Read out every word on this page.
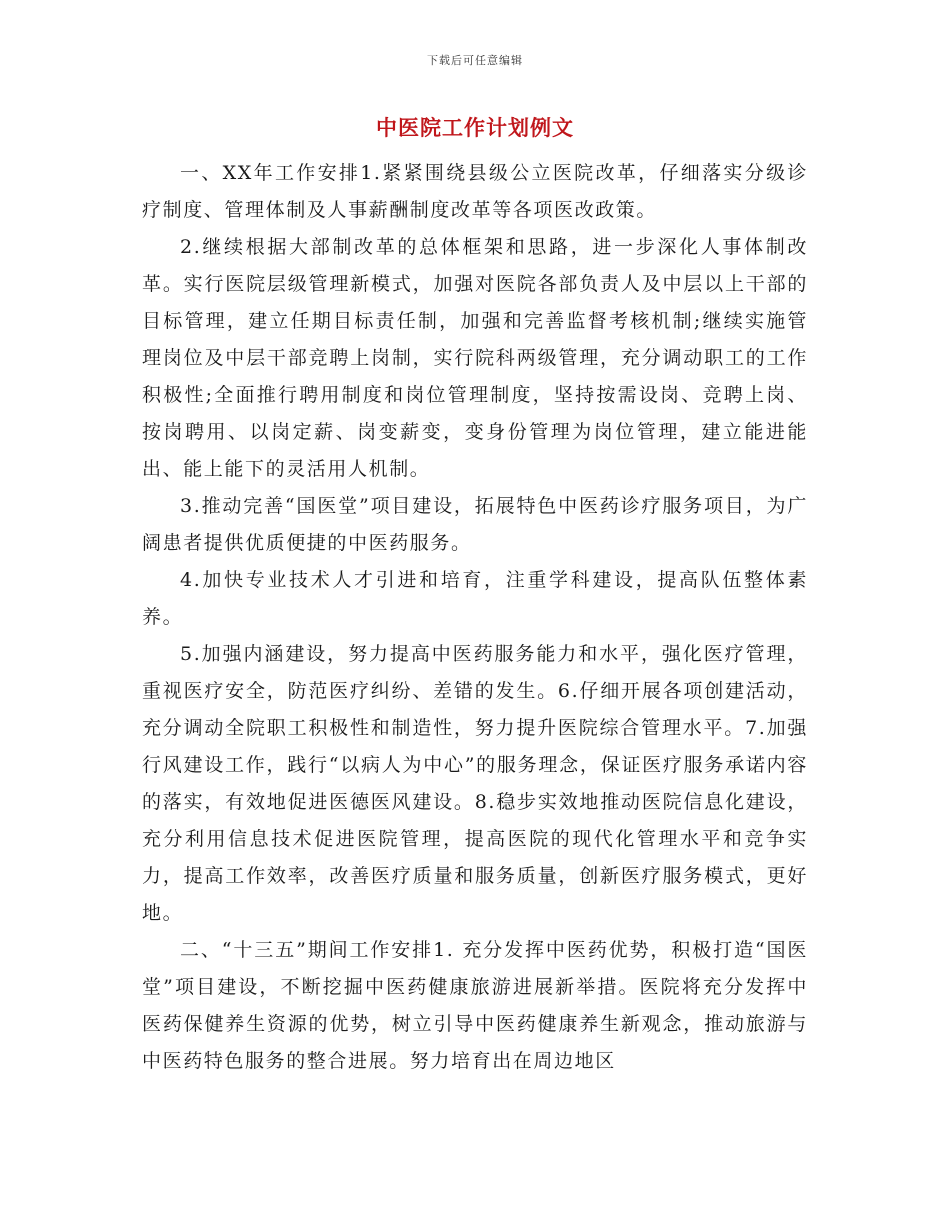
下载后可任意编辑
中医院工作计划例文

一、XX年工作安排1.紧紧围绕县级公立医院改革，仔细落实分级诊疗制度、管理体制及人事薪酬制度改革等各项医改政策。

2.继续根据大部制改革的总体框架和思路，进一步深化人事体制改革。实行医院层级管理新模式，加强对医院各部负责人及中层以上干部的目标管理，建立任期目标责任制，加强和完善监督考核机制;继续实施管理岗位及中层干部竞聘上岗制，实行院科两级管理，充分调动职工的工作积极性;全面推行聘用制度和岗位管理制度，坚持按需设岗、竞聘上岗、按岗聘用、以岗定薪、岗变薪变，变身份管理为岗位管理，建立能进能出、能上能下的灵活用人机制。

3.推动完善“国医堂”项目建设，拓展特色中医药诊疗服务项目，为广阔患者提供优质便捷的中医药服务。

4.加快专业技术人才引进和培育，注重学科建设，提高队伍整体素养。

5.加强内涵建设，努力提高中医药服务能力和水平，强化医疗管理，重视医疗安全，防范医疗纠纷、差错的发生。6.仔细开展各项创建活动，充分调动全院职工积极性和制造性，努力提升医院综合管理水平。7.加强行风建设工作，践行“以病人为中心”的服务理念，保证医疗服务承诺内容的落实，有效地促进医德医风建设。8.稳步实效地推动医院信息化建设，充分利用信息技术促进医院管理，提高医院的现代化管理水平和竞争实力，提高工作效率，改善医疗质量和服务质量，创新医疗服务模式，更好地。

二、“十三五”期间工作安排1. 充分发挥中医药优势，积极打造“国医堂”项目建设，不断挖掘中医药健康旅游进展新举措。医院将充分发挥中医药保健养生资源的优势，树立引导中医药健康养生新观念，推动旅游与中医药特色服务的整合进展。努力培育出在周边地区
